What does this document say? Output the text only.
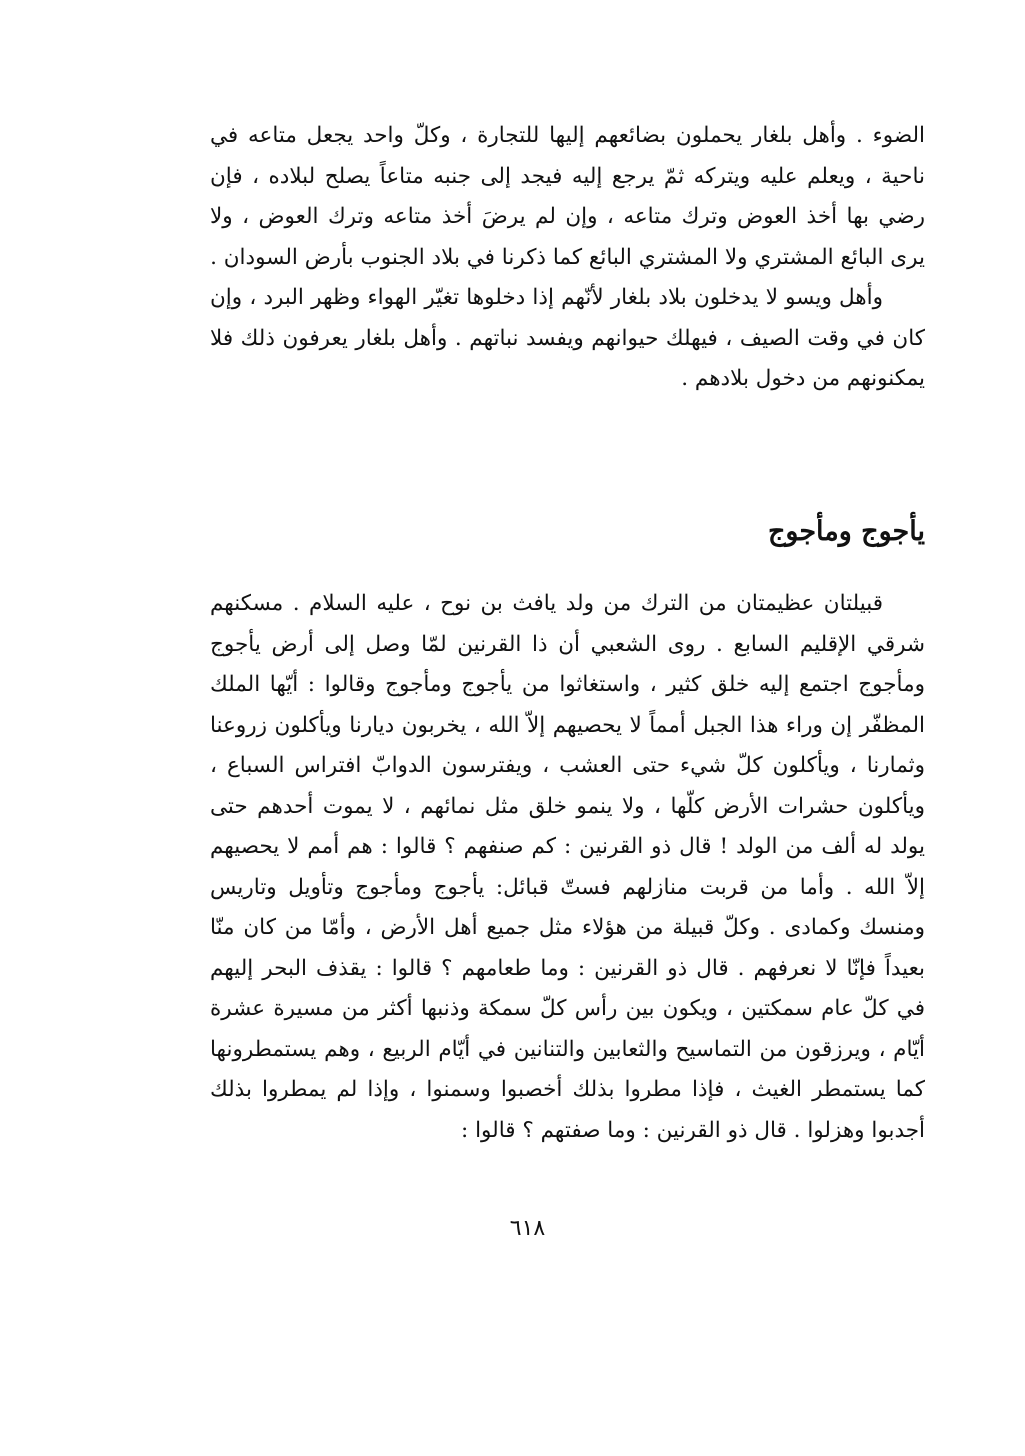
الضوء . وأهل بلغار يحملون بضائعهم إليها للتجارة ، وكلّ واحد يجعل متاعه في ناحية ، ويعلم عليه ويتركه ثمّ يرجع إليه فيجد إلى جنبه متاعاً يصلح لبلاده ، فإن رضي بها أخذ العوض وترك متاعه ، وإن لم يرضَ أخذ متاعه وترك العوض ، ولا يرى البائع المشتري ولا المشتري البائع كما ذكرنا في بلاد الجنوب بأرض السودان .

وأهل ويسو لا يدخلون بلاد بلغار لأنّهم إذا دخلوها تغيّر الهواء وظهر البرد ، وإن كان في وقت الصيف ، فيهلك حيوانهم ويفسد نباتهم . وأهل بلغار يعرفون ذلك فلا يمكنونهم من دخول بلادهم .

يأجوج ومأجوج

قبيلتان عظيمتان من الترك من ولد يافث بن نوح ، عليه السلام . مسكنهم شرقي الإقليم السابع . روى الشعبي أن ذا القرنين لمّا وصل إلى أرض يأجوج ومأجوج اجتمع إليه خلق كثير ، واستغاثوا من يأجوج ومأجوج وقالوا : أيّها الملك المظفّر إن وراء هذا الجبل أمماً لا يحصيهم إلاّ الله ، يخربون ديارنا ويأكلون زروعنا وثمارنا ، ويأكلون كلّ شيء حتى العشب ، ويفترسون الدوابّ افتراس السباع ، ويأكلون حشرات الأرض كلّها ، ولا ينمو خلق مثل نمائهم ، لا يموت أحدهم حتى يولد له ألف من الولد ! قال ذو القرنين : كم صنفهم ؟ قالوا : هم أمم لا يحصيهم إلاّ الله . وأما من قربت منازلهم فستّ قبائل: يأجوج ومأجوج وتأويل وتاريس ومنسك وكمادى . وكلّ قبيلة من هؤلاء مثل جميع أهل الأرض ، وأمّا من كان منّا بعيداً فإنّا لا نعرفهم . قال ذو القرنين : وما طعامهم ؟ قالوا : يقذف البحر إليهم في كلّ عام سمكتين ، ويكون بين رأس كلّ سمكة وذنبها أكثر من مسيرة عشرة أيّام ، ويرزقون من التماسيح والثعابين والتنانين في أيّام الربيع ، وهم يستمطرونها كما يستمطر الغيث ، فإذا مطروا بذلك أخصبوا وسمنوا ، وإذا لم يمطروا بذلك أجدبوا وهزلوا . قال ذو القرنين : وما صفتهم ؟ قالوا :

٦١٨
